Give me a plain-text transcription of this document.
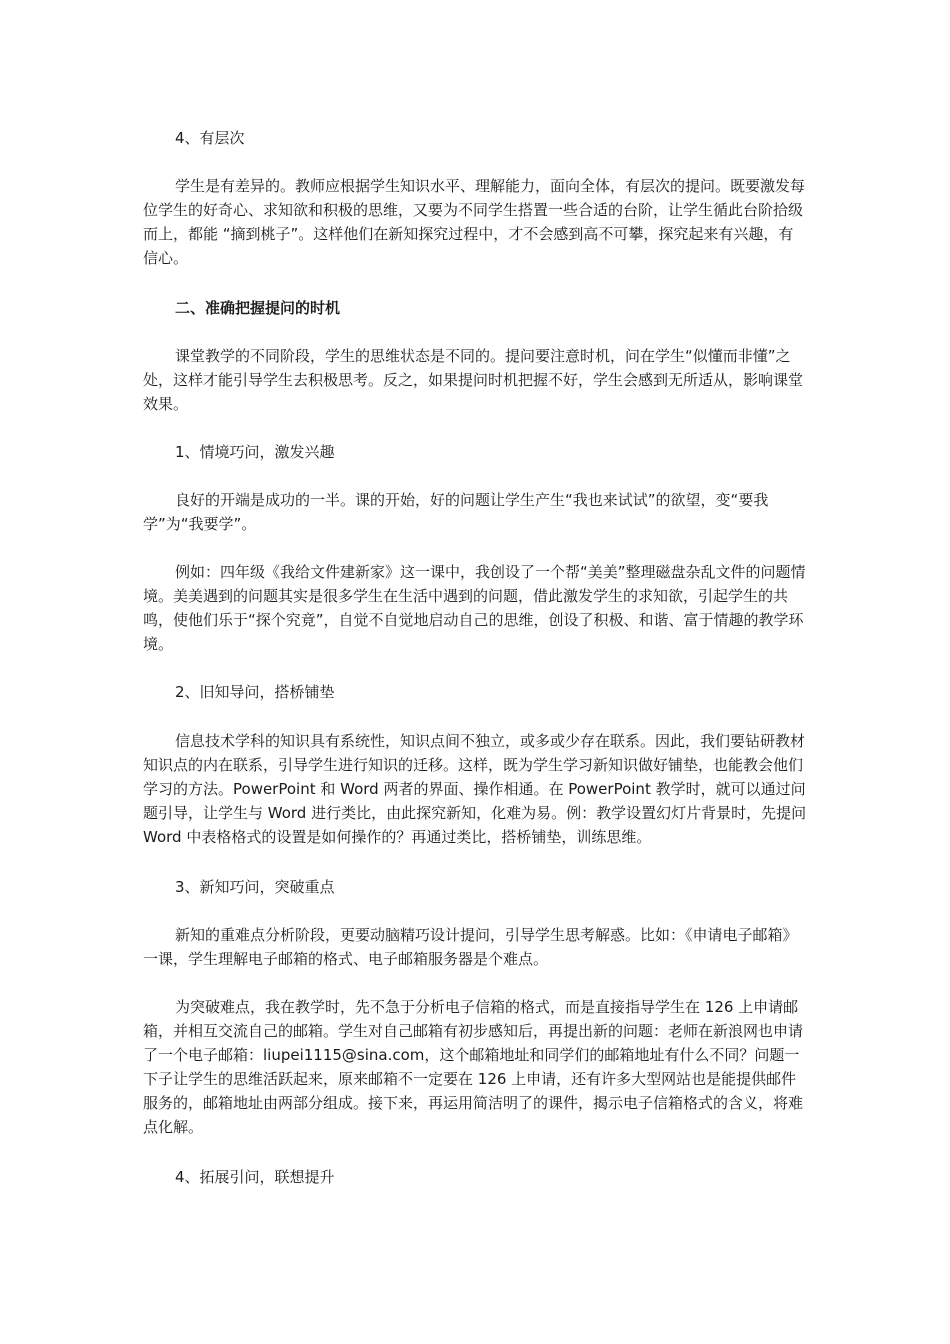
4、有层次

学生是有差异的。教师应根据学生知识水平、理解能力，面向全体，有层次的提问。既要激发每位学生的好奇心、求知欲和积极的思维，又要为不同学生搭置一些合适的台阶，让学生循此台阶拾级而上，都能 “摘到桃子”。这样他们在新知探究过程中，才不会感到高不可攀，探究起来有兴趣，有信心。

二、准确把握提问的时机

课堂教学的不同阶段，学生的思维状态是不同的。提问要注意时机，问在学生“似懂而非懂”之处，这样才能引导学生去积极思考。反之，如果提问时机把握不好，学生会感到无所适从，影响课堂效果。

1、情境巧问，激发兴趣

良好的开端是成功的一半。课的开始，好的问题让学生产生“我也来试试”的欲望，变“要我学”为“我要学”。

例如：四年级《我给文件建新家》这一课中，我创设了一个帮“美美”整理磁盘杂乱文件的问题情境。美美遇到的问题其实是很多学生在生活中遇到的问题，借此激发学生的求知欲，引起学生的共鸣，使他们乐于“探个究竟”，自觉不自觉地启动自己的思维，创设了积极、和谐、富于情趣的教学环境。

2、旧知导问，搭桥铺垫

信息技术学科的知识具有系统性，知识点间不独立，或多或少存在联系。因此，我们要钻研教材知识点的内在联系，引导学生进行知识的迁移。这样，既为学生学习新知识做好铺垫，也能教会他们学习的方法。PowerPoint 和 Word 两者的界面、操作相通。在 PowerPoint 教学时，就可以通过问题引导，让学生与 Word 进行类比，由此探究新知，化难为易。例：教学设置幻灯片背景时，先提问 Word 中表格格式的设置是如何操作的？再通过类比，搭桥铺垫，训练思维。

3、新知巧问，突破重点

新知的重难点分析阶段，更要动脑精巧设计提问，引导学生思考解惑。比如：《申请电子邮箱》一课，学生理解电子邮箱的格式、电子邮箱服务器是个难点。

为突破难点，我在教学时，先不急于分析电子信箱的格式，而是直接指导学生在 126 上申请邮箱，并相互交流自己的邮箱。学生对自己邮箱有初步感知后，再提出新的问题：老师在新浪网也申请了一个电子邮箱：liupei1115@sina.com，这个邮箱地址和同学们的邮箱地址有什么不同？问题一下子让学生的思维活跃起来，原来邮箱不一定要在 126 上申请，还有许多大型网站也是能提供邮件服务的，邮箱地址由两部分组成。接下来，再运用简洁明了的课件，揭示电子信箱格式的含义，将难点化解。

4、拓展引问，联想提升
